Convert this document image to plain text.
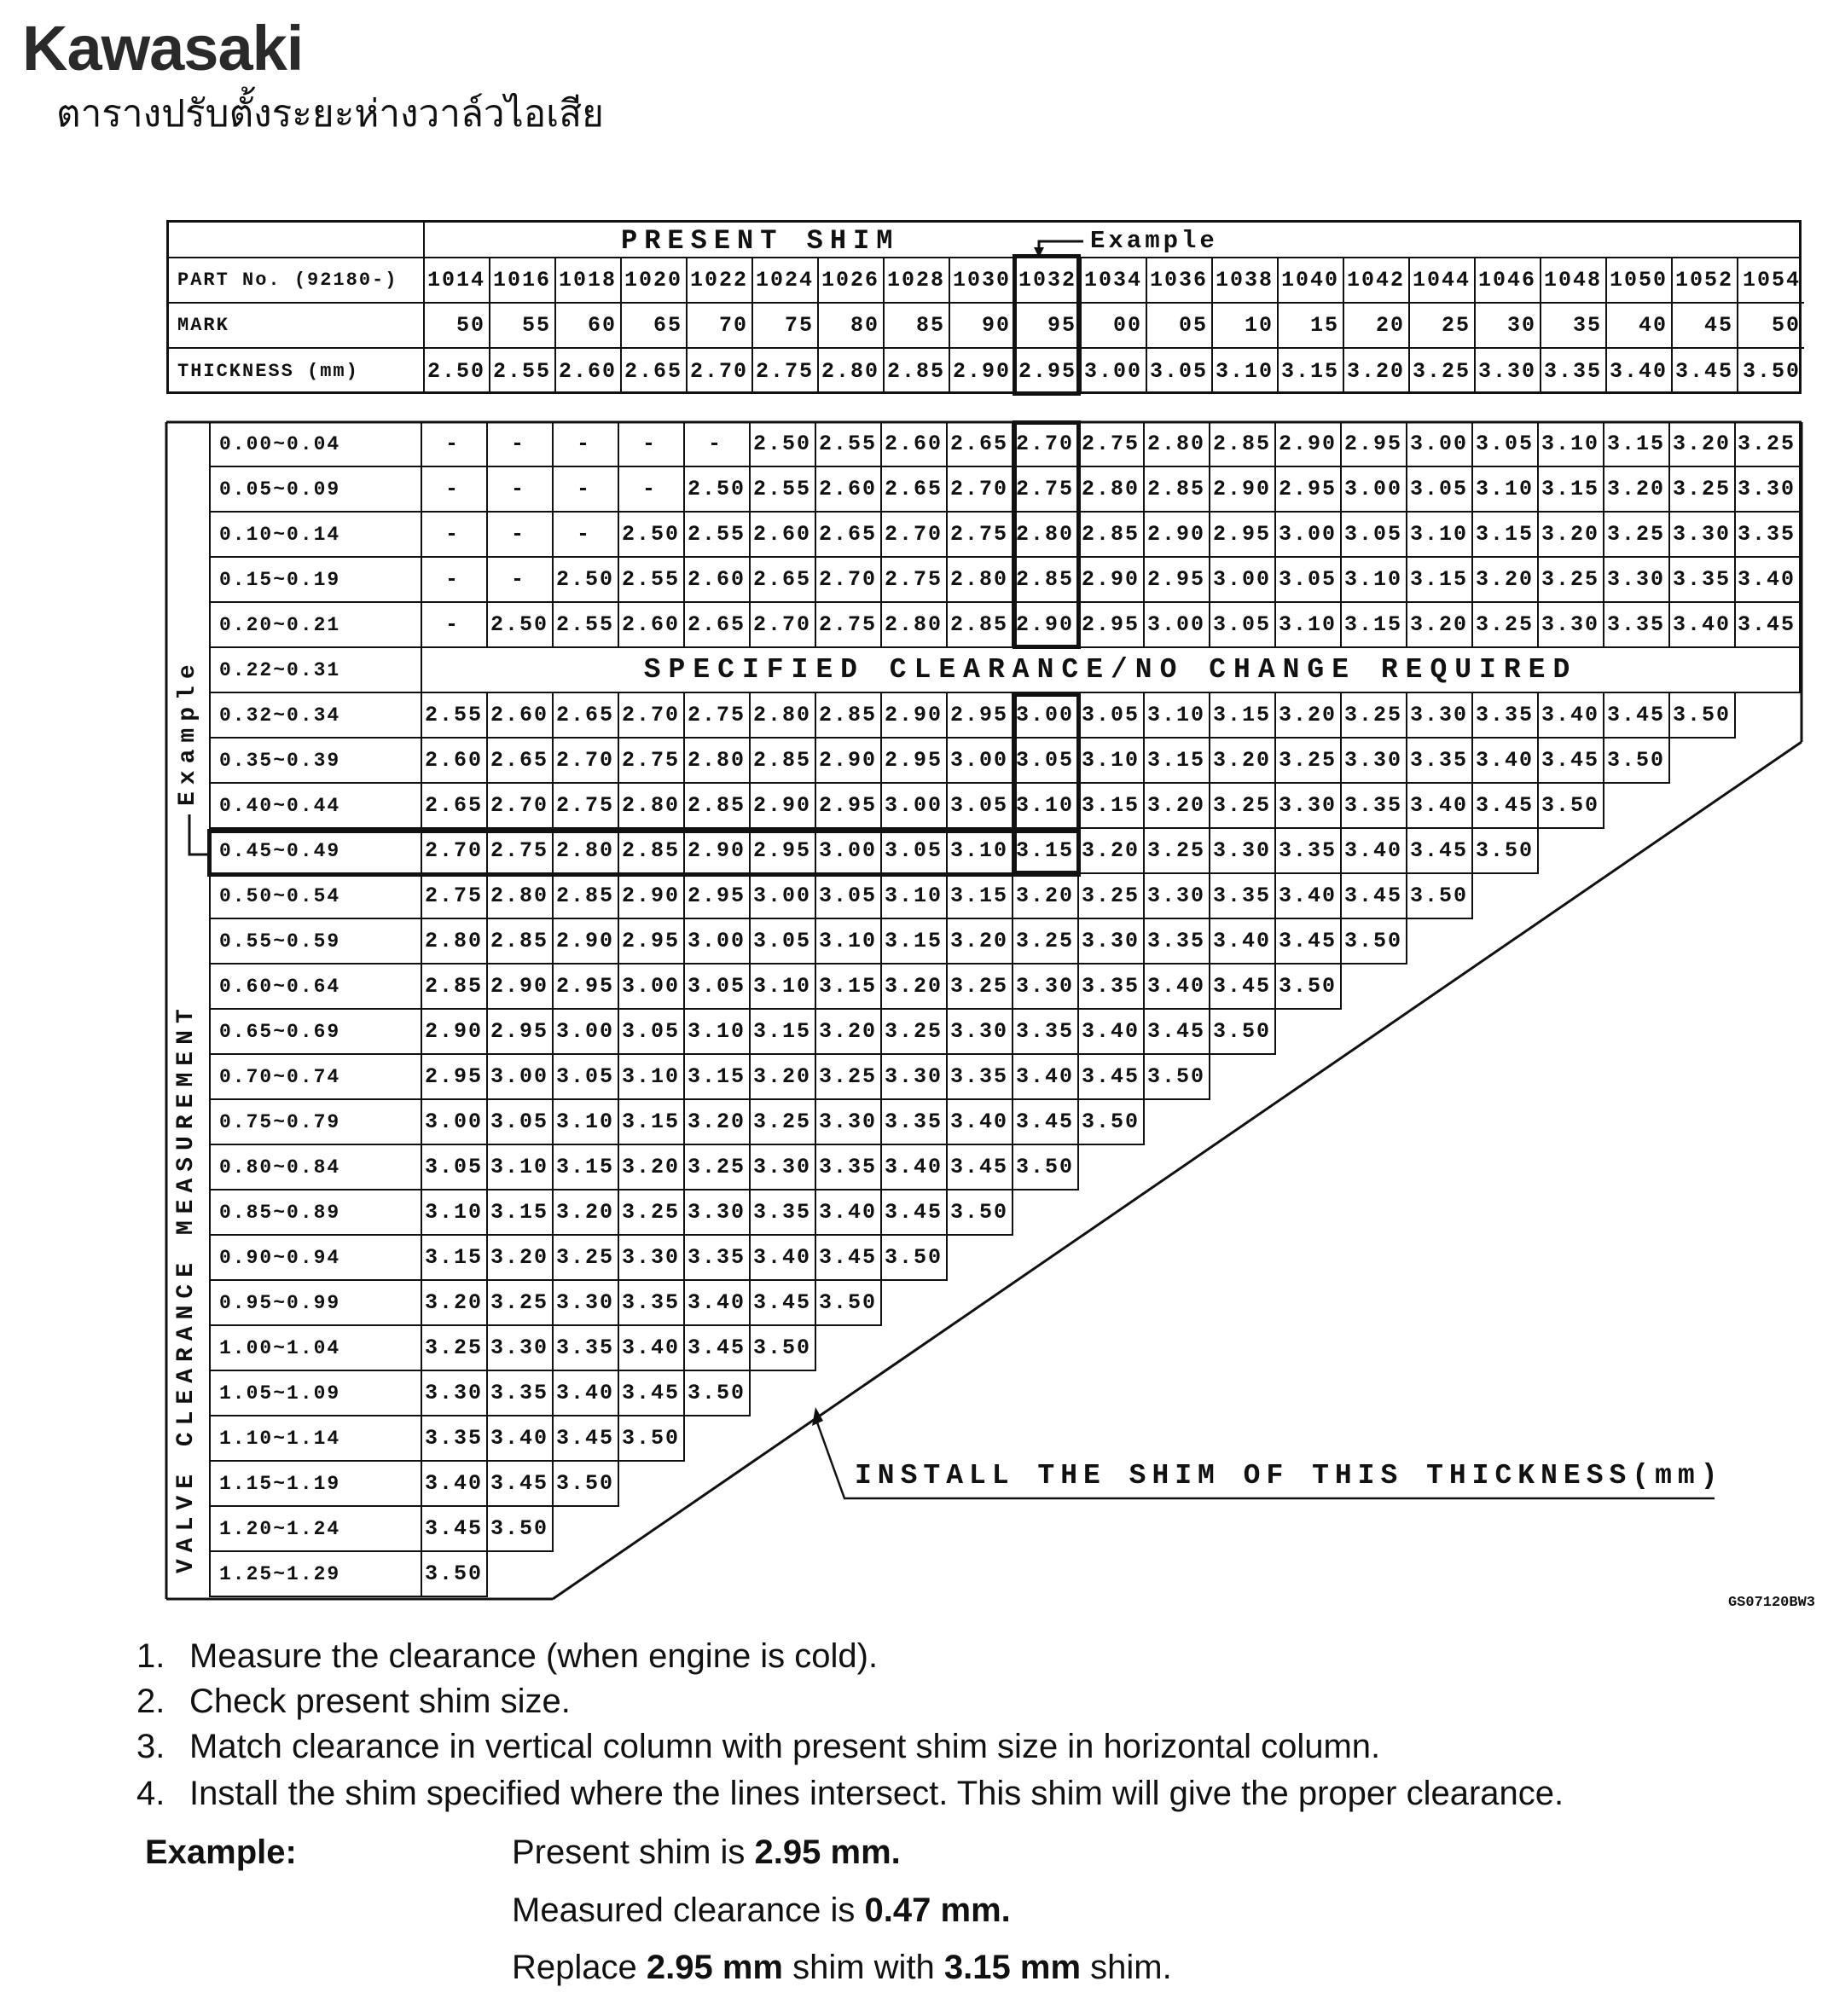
Kawasaki
ตารางปรับตั้งระยะห่างวาล์วไอเสีย
PRESENT SHIM
PART No. (92180-)	1014 1016 1018 1020 1022 1024 1026 1028 1030 1032 1034 1036 1038 1040 1042 1044 1046 1048 1050 1052 1054
MARK	50	55	60	65	70	75	80	85	90	95	00	05	10	15	20	25	30	35	40	45	50
THICKNESS (mm)	2.50 2.55 2.60 2.65 2.70 2.75 2.80 2.85 2.90 2.95 3.00 3.05 3.10 3.15 3.20 3.25 3.30 3.35 3.40 3.45 3.50
0.00~0.04	-	-	-	-	-	2.50 2.55 2.60 2.65 2.70 2.75 2.80 2.85 2.90 2.95 3.00 3.05 3.10 3.15 3.20 3.25
0.05~0.09	-	-	-	-	2.50 2.55 2.60 2.65 2.70 2.75 2.80 2.85 2.90 2.95 3.00 3.05 3.10 3.15 3.20 3.25 3.30
0.10~0.14	-	-	-	2.50 2.55 2.60 2.65 2.70 2.75 2.80 2.85 2.90 2.95 3.00 3.05 3.10 3.15 3.20 3.25 3.30 3.35
0.15~0.19	-	-	2.50 2.55 2.60 2.65 2.70 2.75 2.80 2.85 2.90 2.95 3.00 3.05 3.10 3.15 3.20 3.25 3.30 3.35 3.40
0.20~0.21	-	2.50 2.55 2.60 2.65 2.70 2.75 2.80 2.85 2.90 2.95 3.00 3.05 3.10 3.15 3.20 3.25 3.30 3.35 3.40 3.45
0.22~0.31	SPECIFIED CLEARANCE/NO CHANGE REQUIRED
0.32~0.34	2.55 2.60 2.65 2.70 2.75 2.80 2.85 2.90 2.95 3.00 3.05 3.10 3.15 3.20 3.25 3.30 3.35 3.40 3.45 3.50
0.35~0.39	2.60 2.65 2.70 2.75 2.80 2.85 2.90 2.95 3.00 3.05 3.10 3.15 3.20 3.25 3.30 3.35 3.40 3.45 3.50
0.40~0.44	2.65 2.70 2.75 2.80 2.85 2.90 2.95 3.00 3.05 3.10 3.15 3.20 3.25 3.30 3.35 3.40 3.45 3.50
0.45~0.49	2.70 2.75 2.80 2.85 2.90 2.95 3.00 3.05 3.10 3.15 3.20 3.25 3.30 3.35 3.40 3.45 3.50
0.50~0.54	2.75 2.80 2.85 2.90 2.95 3.00 3.05 3.10 3.15 3.20 3.25 3.30 3.35 3.40 3.45 3.50
0.55~0.59	2.80 2.85 2.90 2.95 3.00 3.05 3.10 3.15 3.20 3.25 3.30 3.35 3.40 3.45 3.50
0.60~0.64	2.85 2.90 2.95 3.00 3.05 3.10 3.15 3.20 3.25 3.30 3.35 3.40 3.45 3.50
0.65~0.69	2.90 2.95 3.00 3.05 3.10 3.15 3.20 3.25 3.30 3.35 3.40 3.45 3.50
0.70~0.74	2.95 3.00 3.05 3.10 3.15 3.20 3.25 3.30 3.35 3.40 3.45 3.50
0.75~0.79	3.00 3.05 3.10 3.15 3.20 3.25 3.30 3.35 3.40 3.45 3.50
0.80~0.84	3.05 3.10 3.15 3.20 3.25 3.30 3.35 3.40 3.45 3.50
0.85~0.89	3.10 3.15 3.20 3.25 3.30 3.35 3.40 3.45 3.50
0.90~0.94	3.15 3.20 3.25 3.30 3.35 3.40 3.45 3.50
0.95~0.99	3.20 3.25 3.30 3.35 3.40 3.45 3.50
1.00~1.04	3.25 3.30 3.35 3.40 3.45 3.50
1.05~1.09	3.30 3.35 3.40 3.45 3.50
1.10~1.14	3.35 3.40 3.45 3.50
1.15~1.19	3.40 3.45 3.50
1.20~1.24	3.45 3.50
1.25~1.29	3.50
Example
Example
VALVE CLEARANCE MEASUREMENT	INSTALL THE SHIM OF THIS THICKNESS(mm)
GS07120BW3
1. Measure the clearance (when engine is cold).
2. Check present shim size.
3. Match clearance in vertical column with present shim size in horizontal column.
4. Install the shim specified where the lines intersect. This shim will give the proper clearance.
Example:	Present shim is 2.95 mm.
Measured clearance is 0.47 mm.
Replace 2.95 mm shim with 3.15 mm shim.
